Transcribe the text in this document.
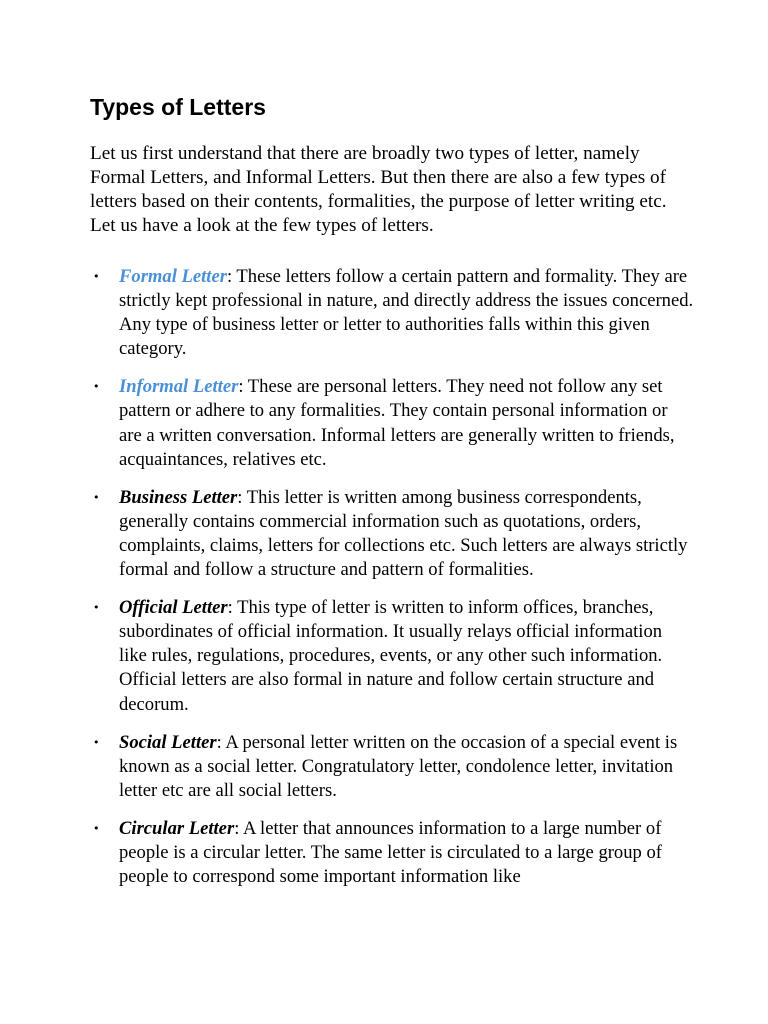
Types of Letters

Let us first understand that there are broadly two types of letter, namely Formal Letters, and Informal Letters. But then there are also a few types of letters based on their contents, formalities, the purpose of letter writing etc. Let us have a look at the few types of letters.

• Formal Letter: These letters follow a certain pattern and formality. They are strictly kept professional in nature, and directly address the issues concerned. Any type of business letter or letter to authorities falls within this given category.
• Informal Letter: These are personal letters. They need not follow any set pattern or adhere to any formalities. They contain personal information or are a written conversation. Informal letters are generally written to friends, acquaintances, relatives etc.
• Business Letter: This letter is written among business correspondents, generally contains commercial information such as quotations, orders, complaints, claims, letters for collections etc. Such letters are always strictly formal and follow a structure and pattern of formalities.
• Official Letter: This type of letter is written to inform offices, branches, subordinates of official information. It usually relays official information like rules, regulations, procedures, events, or any other such information. Official letters are also formal in nature and follow certain structure and decorum.
• Social Letter: A personal letter written on the occasion of a special event is known as a social letter. Congratulatory letter, condolence letter, invitation letter etc are all social letters.
• Circular Letter: A letter that announces information to a large number of people is a circular letter. The same letter is circulated to a large group of people to correspond some important information like
